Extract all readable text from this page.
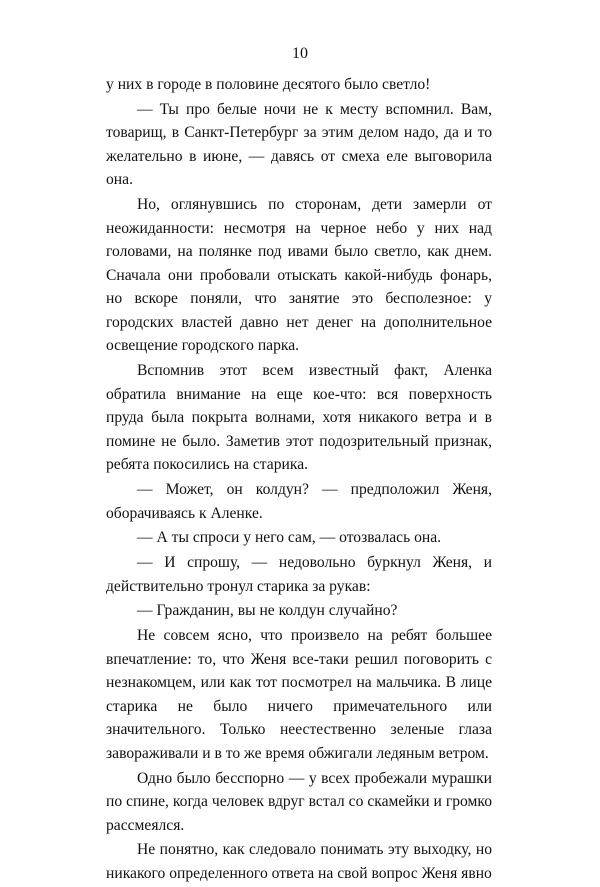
10

у них в городе в половине десятого было светло!

— Ты про белые ночи не к месту вспомнил. Вам, товарищ, в Санкт-Петербург за этим делом надо, да и то желательно в июне, — давясь от смеха еле выговорила она.

Но, оглянувшись по сторонам, дети замерли от неожиданности: несмотря на черное небо у них над головами, на полянке под ивами было светло, как днем. Сначала они пробовали отыскать какой-нибудь фонарь, но вскоре поняли, что занятие это бесполезное: у городских властей давно нет денег на дополнительное освещение городского парка.

Вспомнив этот всем известный факт, Аленка обратила внимание на еще кое-что: вся поверхность пруда была покрыта волнами, хотя никакого ветра и в помине не было. Заметив этот подозрительный признак, ребята покосились на старика.

— Может, он колдун? — предположил Женя, оборачиваясь к Аленке.

— А ты спроси у него сам, — отозвалась она.

— И спрошу, — недовольно буркнул Женя, и действительно тронул старика за рукав:

— Гражданин, вы не колдун случайно?

Не совсем ясно, что произвело на ребят большее впечатление: то, что Женя все-таки решил поговорить с незнакомцем, или как тот посмотрел на мальчика. В лице старика не было ничего примечательного или значительного. Только неестественно зеленые глаза завораживали и в то же время обжигали ледяным ветром.

Одно было бесспорно — у всех пробежали мурашки по спине, когда человек вдруг встал со скамейки и громко рассмеялся.

Не понятно, как следовало понимать эту выходку, но никакого определенного ответа на свой вопрос Женя явно
